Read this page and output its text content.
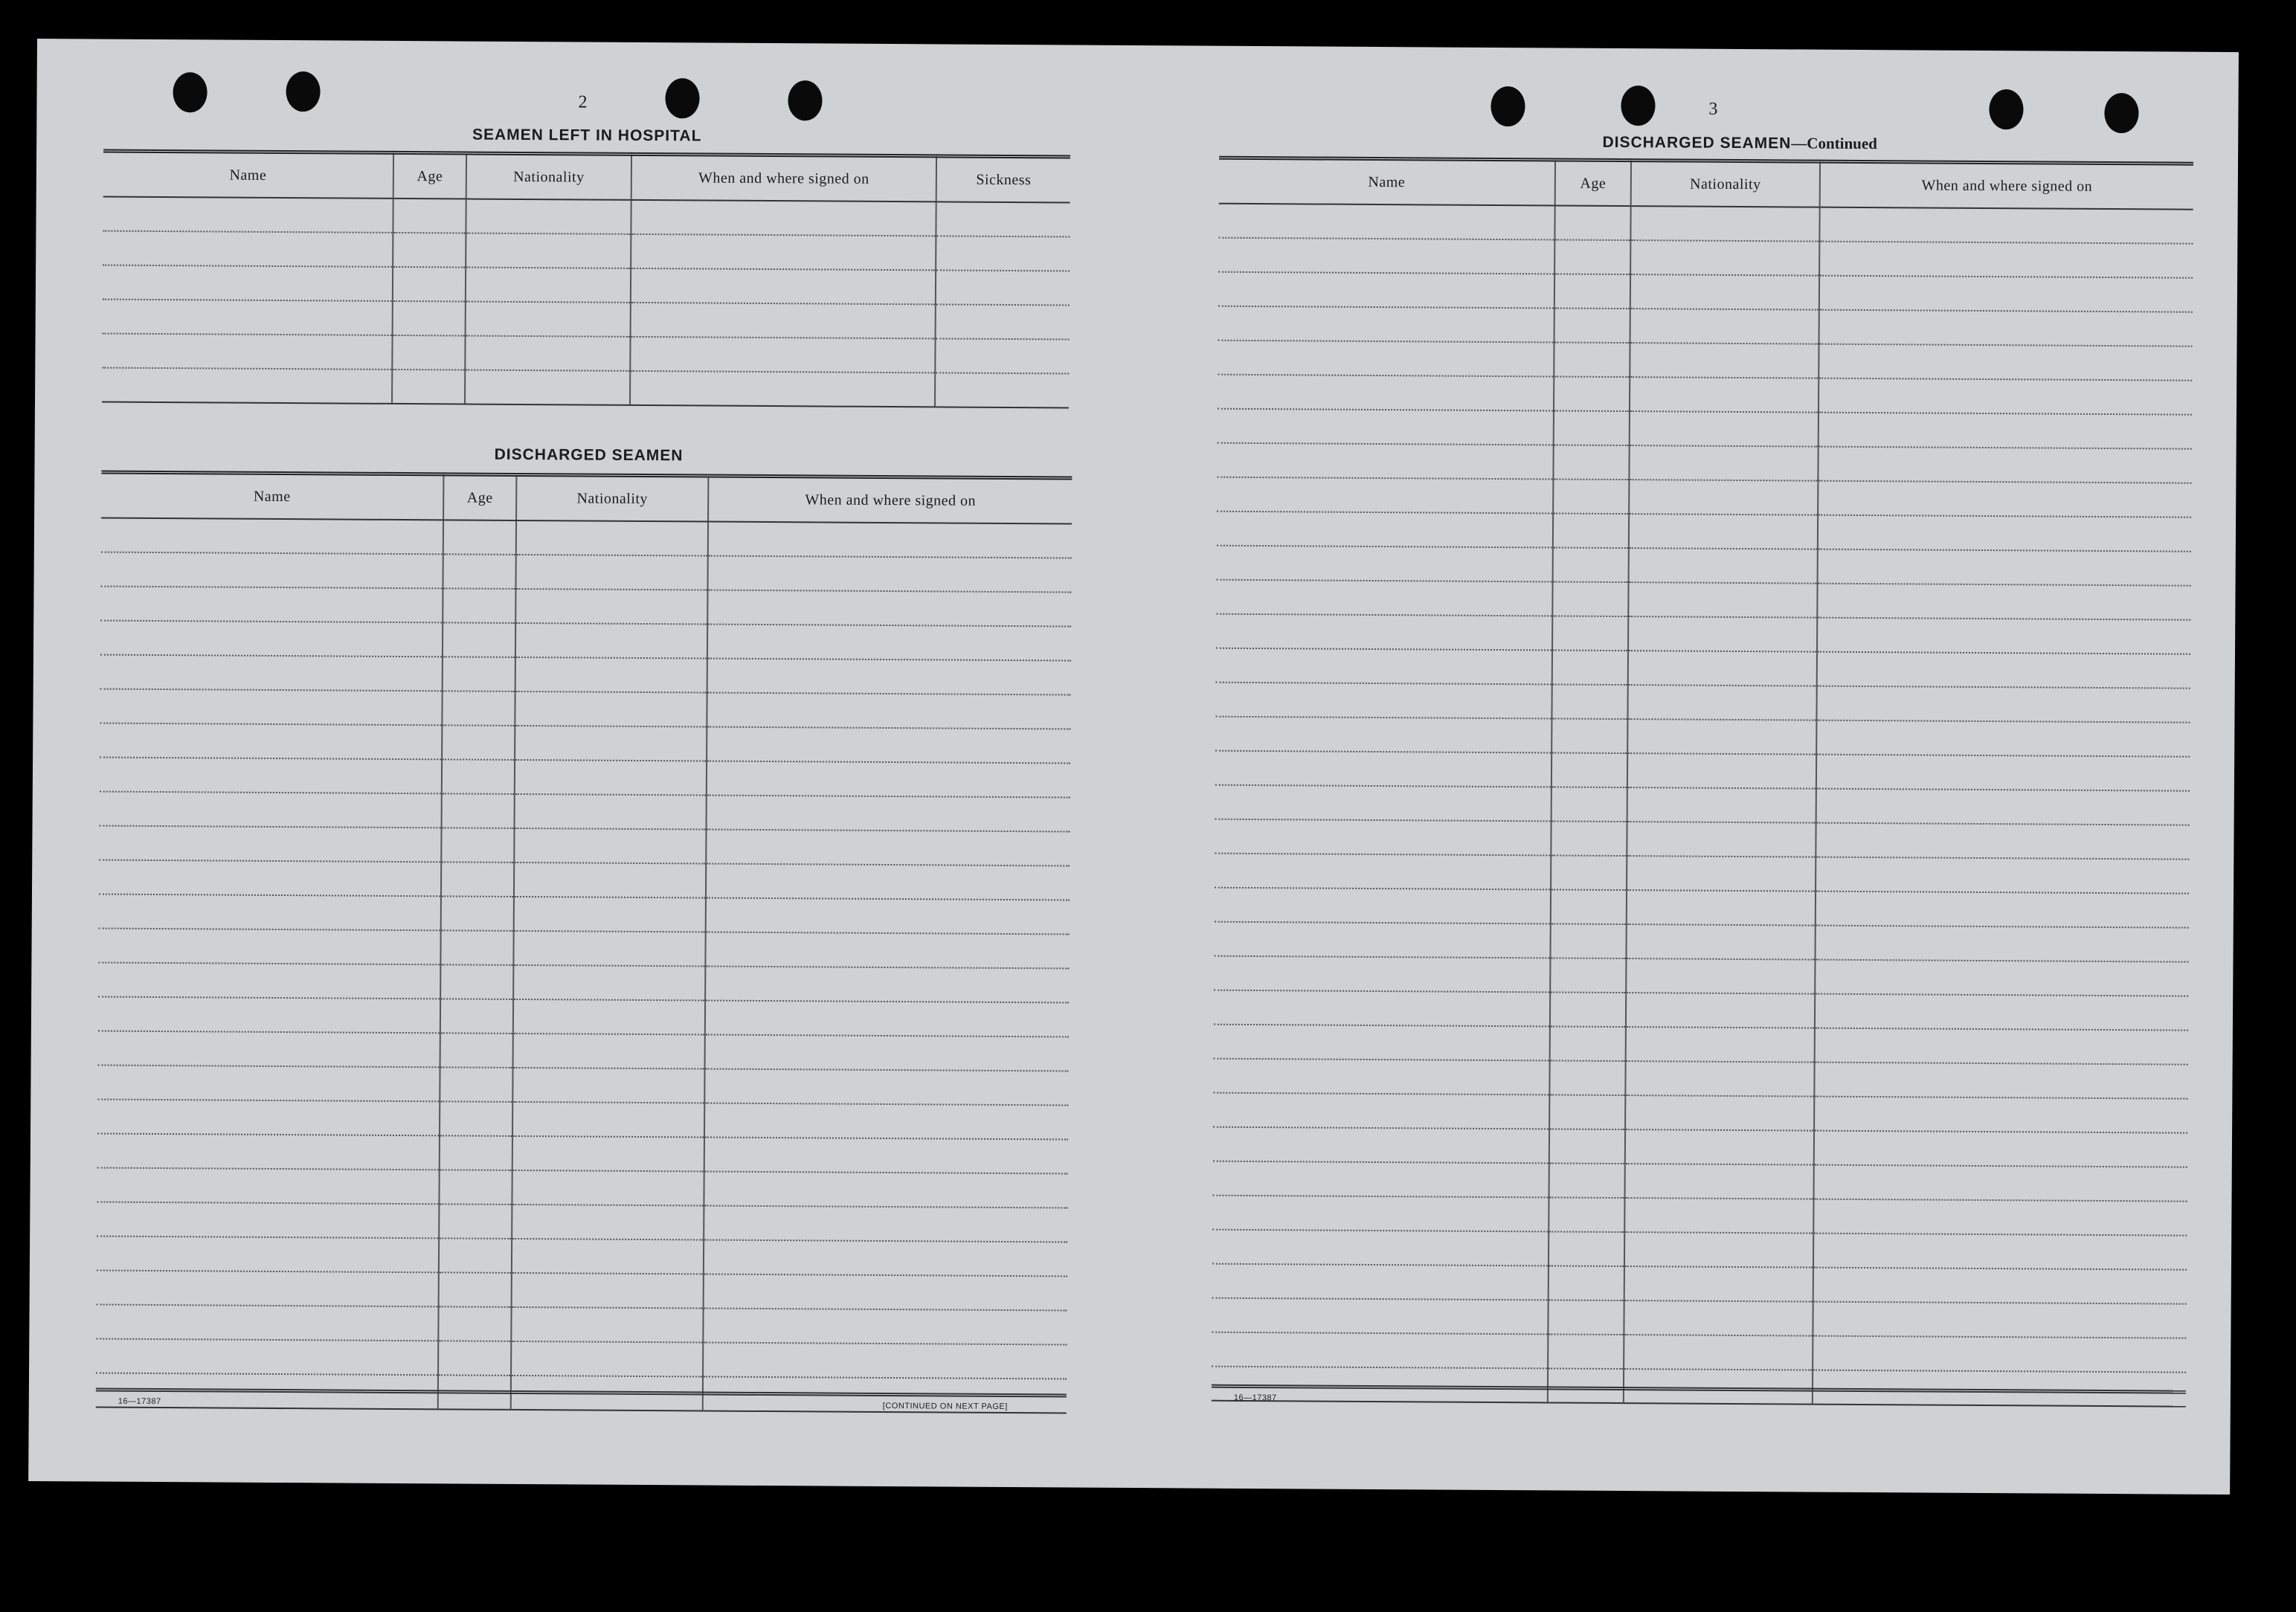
2
SEAMEN LEFT IN HOSPITAL
Name	Age	Nationality	When and where signed on	Sickness

DISCHARGED SEAMEN
Name	Age	Nationality	When and where signed on

16—17387
[CONTINUED ON NEXT PAGE]
3
DISCHARGED SEAMEN—Continued
Name	Age	Nationality	When and where signed on

16—17387
